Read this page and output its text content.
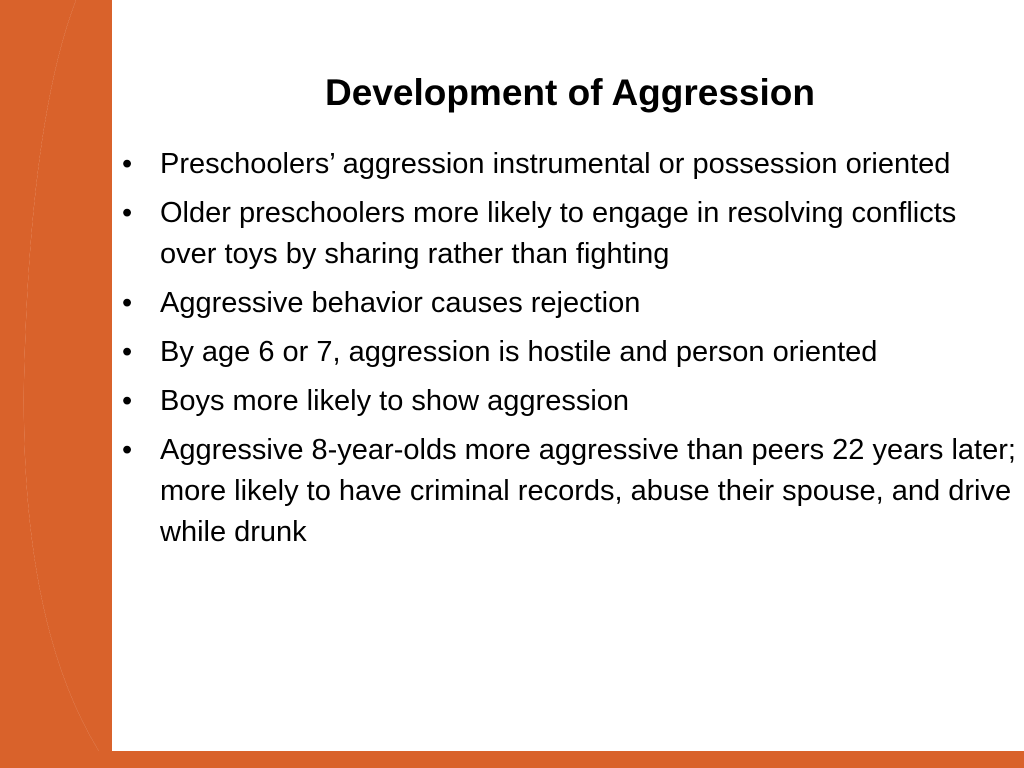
Development of Aggression
• Preschoolers’ aggression instrumental or possession oriented
• Older preschoolers more likely to engage in resolving conflicts over toys by sharing rather than fighting
• Aggressive behavior causes rejection
• By age 6 or 7, aggression is hostile and person oriented
• Boys more likely to show aggression
• Aggressive 8-year-olds more aggressive than peers 22 years later; more likely to have criminal records, abuse their spouse, and drive while drunk
